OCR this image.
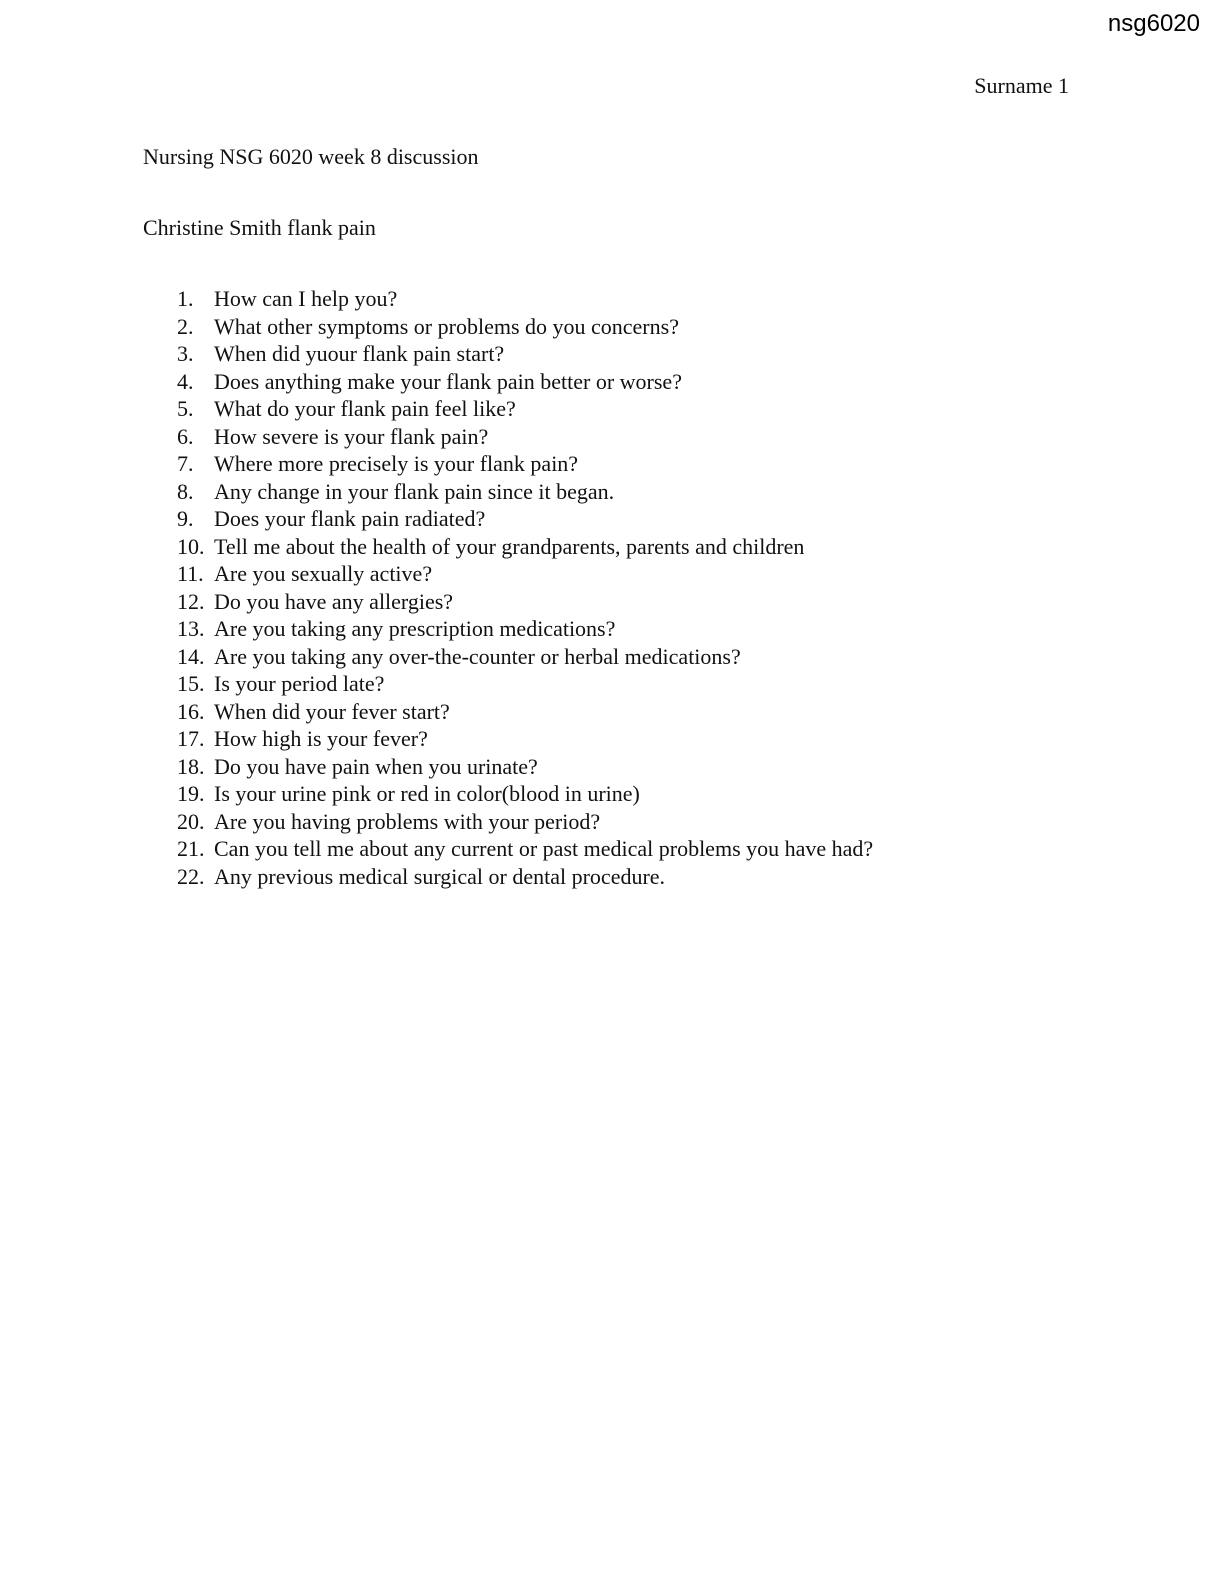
nsg6020
Surname 1
Nursing NSG 6020 week 8 discussion
Christine Smith flank pain
1. How can I help you?
2. What other symptoms or problems do you concerns?
3. When did yuour flank pain start?
4. Does anything make your flank pain better or worse?
5. What do your flank pain feel like?
6. How severe is your flank pain?
7. Where more precisely is your flank pain?
8. Any change in your flank pain since it began.
9. Does your flank pain radiated?
10. Tell me about the health of your grandparents, parents and children
11. Are you sexually active?
12. Do you have any allergies?
13. Are you taking any prescription medications?
14. Are you taking any over-the-counter or herbal medications?
15. Is your period late?
16. When did your fever start?
17. How high is your fever?
18. Do you have pain when you urinate?
19. Is your urine pink or red in color(blood in urine)
20. Are you having problems with your period?
21. Can you tell me about any current or past medical problems you have had?
22. Any previous medical surgical or dental procedure.
